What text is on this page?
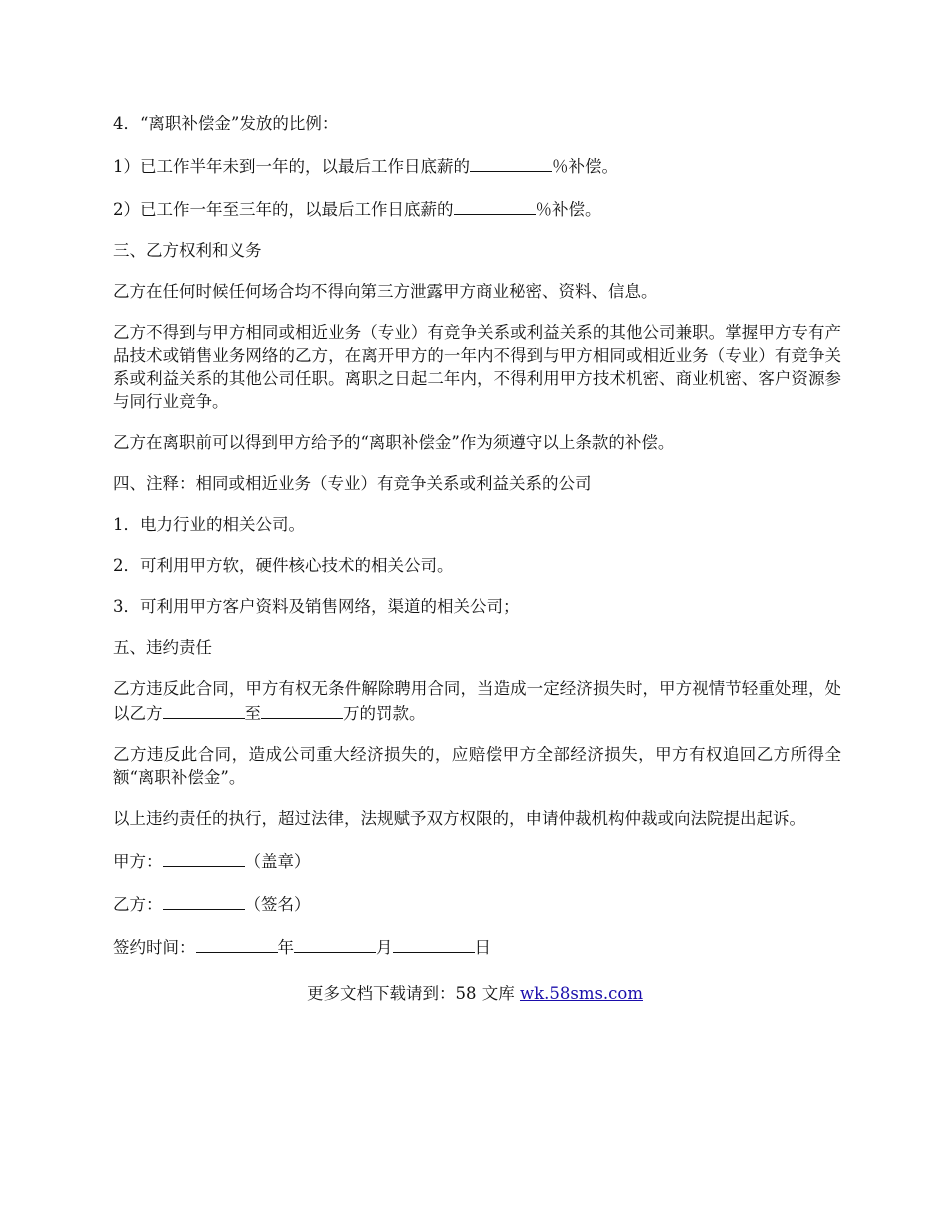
4．“离职补偿金”发放的比例：

1）已工作半年未到一年的，以最后工作日底薪的	％补偿。

2）已工作一年至三年的，以最后工作日底薪的	％补偿。

三、乙方权利和义务

乙方在任何时候任何场合均不得向第三方泄露甲方商业秘密、资料、信息。

乙方不得到与甲方相同或相近业务（专业）有竞争关系或利益关系的其他公司兼职。掌握甲方专有产品技术或销售业务网络的乙方，在离开甲方的一年内不得到与甲方相同或相近业务（专业）有竞争关系或利益关系的其他公司任职。离职之日起二年内，不得利用甲方技术机密、商业机密、客户资源参与同行业竞争。

乙方在离职前可以得到甲方给予的“离职补偿金”作为须遵守以上条款的补偿。

四、注释：相同或相近业务（专业）有竞争关系或利益关系的公司

1．电力行业的相关公司。

2．可利用甲方软，硬件核心技术的相关公司。

3．可利用甲方客户资料及销售网络，渠道的相关公司；

五、违约责任

乙方违反此合同，甲方有权无条件解除聘用合同，当造成一定经济损失时，甲方视情节轻重处理，处以乙方	至	万的罚款。

乙方违反此合同，造成公司重大经济损失的，应赔偿甲方全部经济损失，甲方有权追回乙方所得全额“离职补偿金”。

以上违约责任的执行，超过法律，法规赋予双方权限的，申请仲裁机构仲裁或向法院提出起诉。

甲方：	（盖章）

乙方：	（签名）

签约时间：	年	月	日

更多文档下载请到：58 文库 wk.58sms.com
